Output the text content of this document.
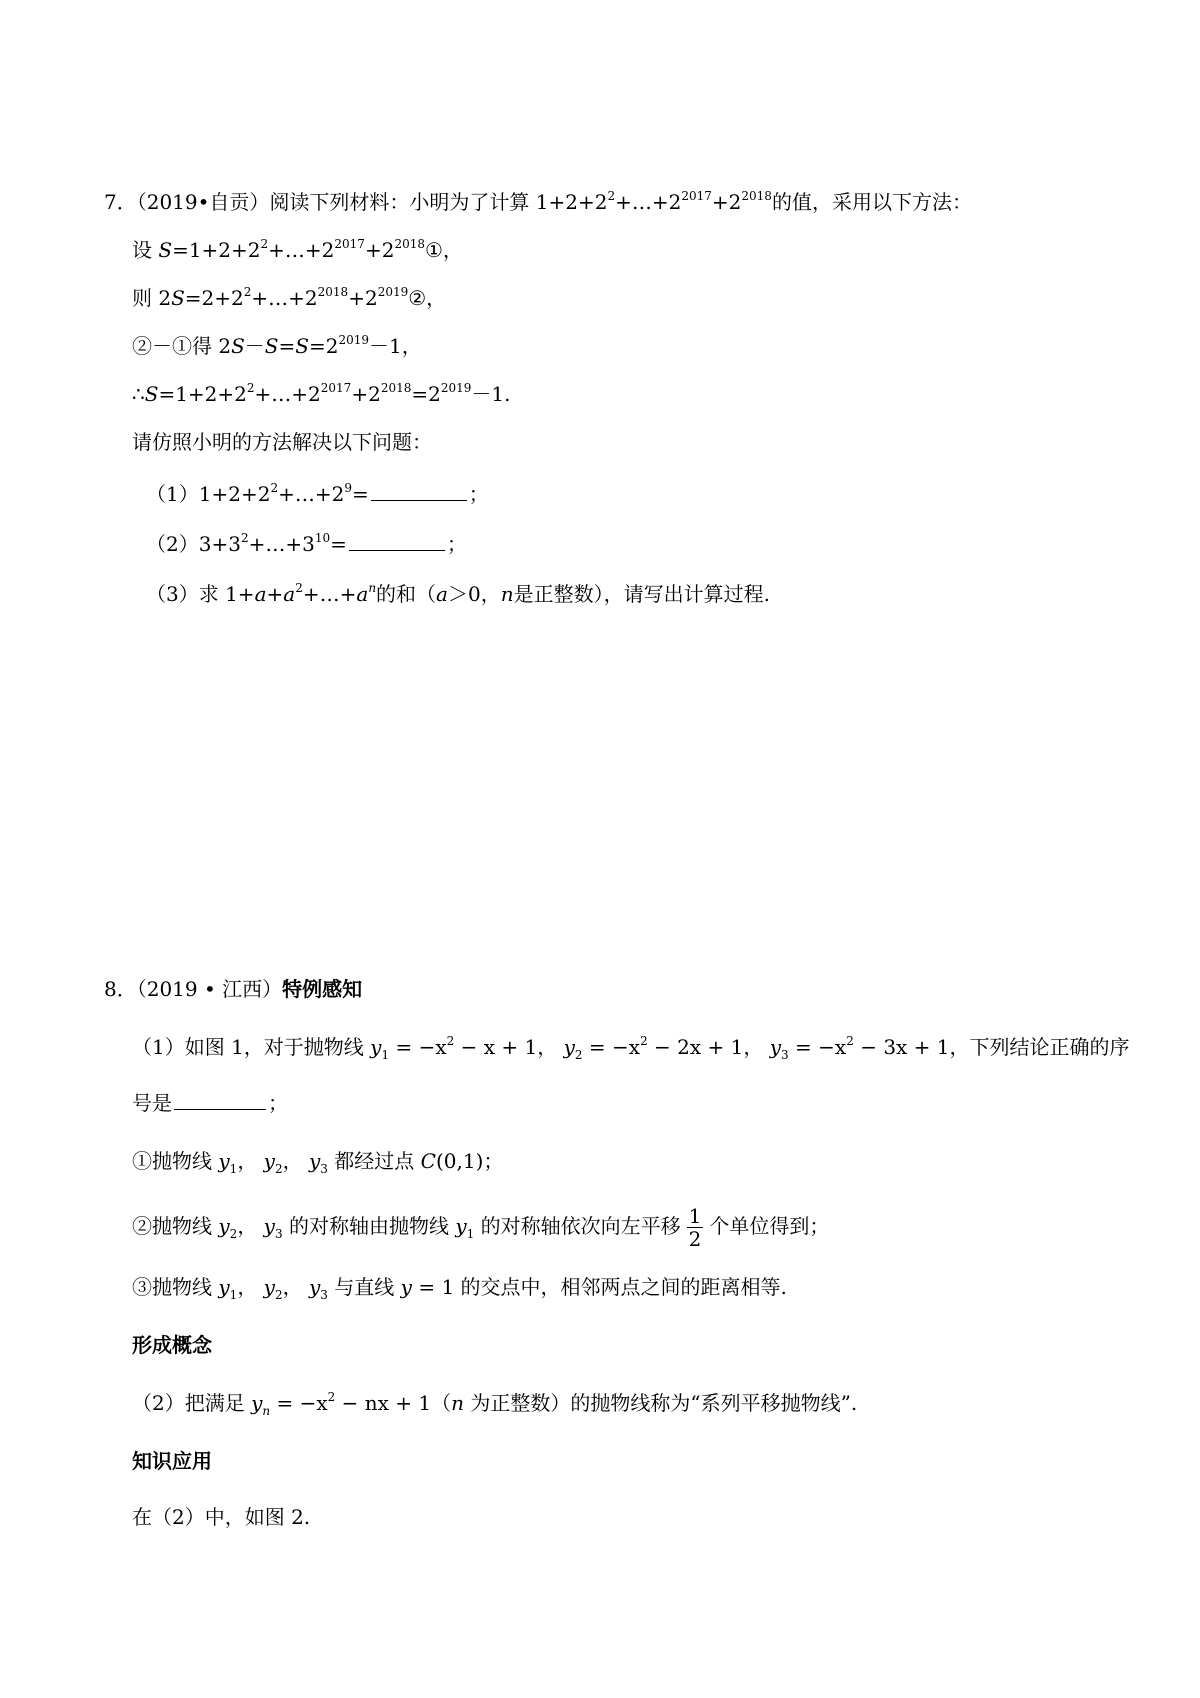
7．（2019•自贡）阅读下列材料：小明为了计算 $1+2+2^2+\dots+2^{2017}+2^{2018}$的值，采用以下方法：
设 $S=1+2+2^2+\dots+2^{2017}+2^{2018}①$，
则 $2S=2+2^2+\dots+2^{2018}+2^{2019}②$，
②－①得 $2S-S=S=2^{2019}-1$，
$\therefore S=1+2+2^2+\dots+2^{2017}+2^{2018}=2^{2019}-1$.
请仿照小明的方法解决以下问题：
$(1)1+2+2^2+\dots+2^9=$	；
$(2)3+3^2+\dots+3^{10}=$	；
（3）求 $1+a+a^2+\dots+a^n$的和（a＞0，n是正整数），请写出计算过程.
8．（2019 • 江西）特例感知
（1）如图 1，对于抛物线 $y_1 = -x^2 - x + 1$， $y_2 = -x^2 - 2x + 1$， $y_3 = -x^2 - 3x + 1$，下列结论正确的序
号是	；
①抛物线 $y_1$， $y_2$， $y_3$ 都经过点 C(0,1)；
②抛物线 $y_2$， $y_3$ 的对称轴由抛物线 $y_1$ 的对称轴依次向左平移 $\frac{1}{2}$ 个单位得到；
③抛物线 $y_1$， $y_2$， $y_3$ 与直线 y = 1 的交点中，相邻两点之间的距离相等.
形成概念
（2）把满足 $y_n = -x^2$ − nx + 1（n 为正整数）的抛物线称为“系列平移抛物线”.
知识应用
在（2）中，如图 2.
